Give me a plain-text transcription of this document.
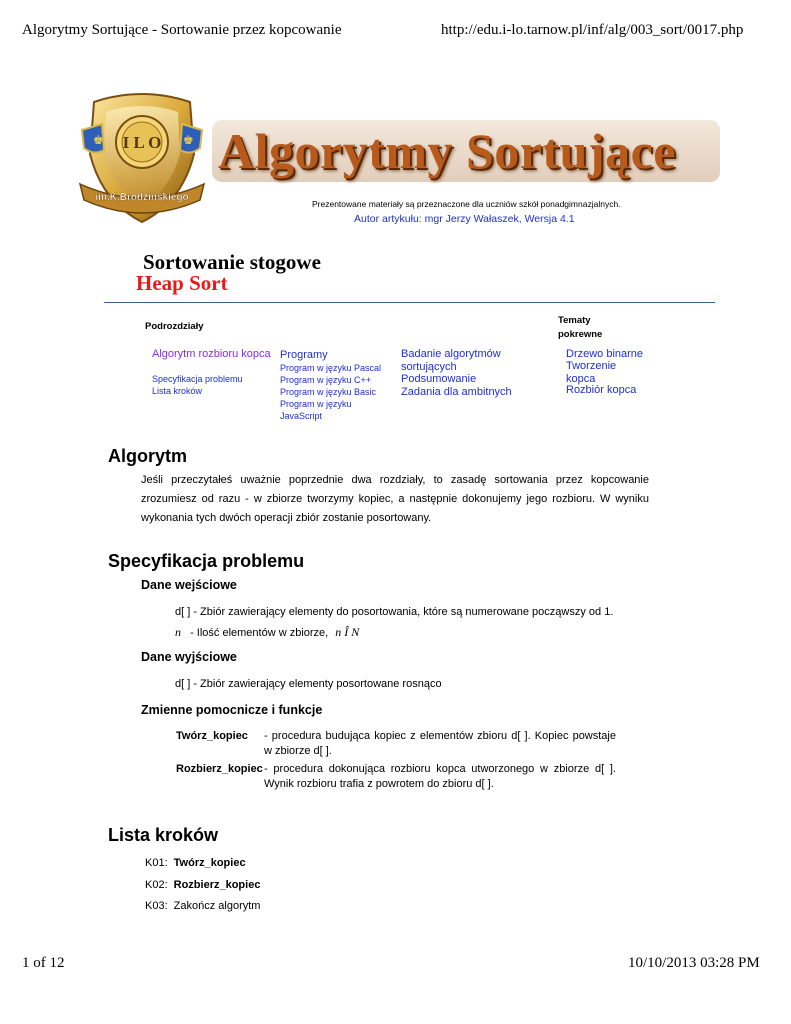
Algorytmy Sortujące - Sortowanie przez kopcowanie	http://edu.i-lo.tarnow.pl/inf/alg/003_sort/0017.php
♚	♚
I L O
im.K.Brodzińskiego
Algorytmy Sortujące
Prezentowane materiały są przeznaczone dla uczniów szkół ponadgimnazjalnych.
Autor artykułu: mgr Jerzy Wałaszek, Wersja 4.1
Sortowanie stogowe
Heap Sort
Podrozdziały
Algorytm rozbioru kopca
Specyfikacja problemu
Lista kroków
Programy
Program w języku Pascal
Program w języku C++
Program w języku Basic
Program w języku JavaScript
Badanie algorytmów sortujących
Podsumowanie
Zadania dla ambitnych
Tematy pokrewne
Drzewo binarne
Tworzenie kopca
Rozbiór kopca
Algorytm
Jeśli przeczytałeś uważnie poprzednie dwa rozdziały, to zasadę sortowania przez kopcowanie zrozumiesz od razu - w zbiorze tworzymy kopiec, a następnie dokonujemy jego rozbioru. W wyniku wykonania tych dwóch operacji zbiór zostanie posortowany.
Specyfikacja problemu
Dane wejściowe
d[ ] - Zbiór zawierający elementy do posortowania, które są numerowane począwszy od 1.
n - Ilość elementów w zbiorze, n Î N
Dane wyjściowe
d[ ] - Zbiór zawierający elementy posortowane rosnąco
Zmienne pomocnicze i funkcje
Twórz_kopiec - procedura budująca kopiec z elementów zbioru d[ ]. Kopiec powstaje w zbiorze d[ ].
Rozbierz_kopiec - procedura dokonująca rozbioru kopca utworzonego w zbiorze d[ ]. Wynik rozbioru trafia z powrotem do zbioru d[ ].
Lista kroków
K01: Twórz_kopiec
K02: Rozbierz_kopiec
K03: Zakończ algorytm
1 of 12	10/10/2013 03:28 PM
